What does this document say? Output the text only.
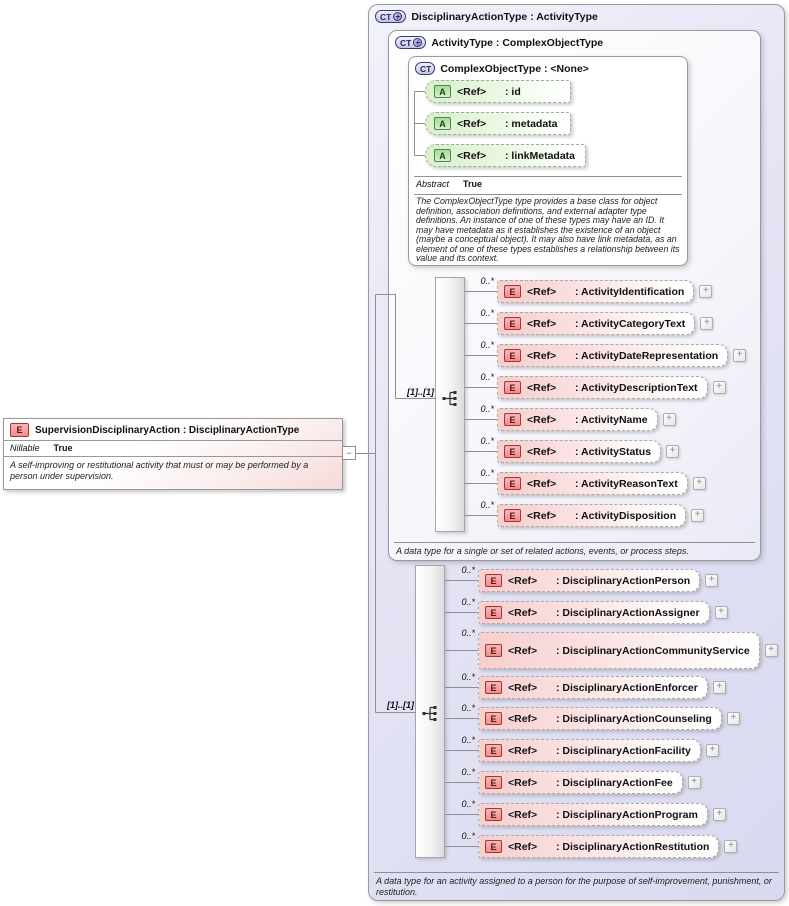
CT + DisciplinaryActionType : ActivityType
A data type for an activity assigned to a person for the purpose of self-improvement, punishment, or restitution.
CT + ActivityType : ComplexObjectType
A data type for a single or set of related actions, events, or process steps.
CT ComplexObjectType : <None>
Abstract True
The ComplexObjectType type provides a base class for object definition, association definitions, and external adapter type definitions. An instance of one of these types may have an ID. It may have metadata as it establishes the existence of an object (maybe a conceptual object). It may also have link metadata, as an element of one of these types establishes a relationship between its value and its context.
[1]..[1]
[1]..[1]
−
E	SupervisionDisciplinaryAction : DisciplinaryActionType
Nillable True
A self-improving or restitutional activity that must or may be performed by a person under supervision.
0..*
E	<Ref>	: ActivityIdentification	+
0..*
E	<Ref>	: ActivityCategoryText	+
0..*
E	<Ref>	: ActivityDateRepresentation	+
0..*
E	<Ref>	: ActivityDescriptionText	+
0..*
E	<Ref>	: ActivityName	+
0..*
E	<Ref>	: ActivityStatus	+
0..*
E	<Ref>	: ActivityReasonText	+
0..*
E	<Ref>	: ActivityDisposition	+
0..*
E	<Ref>	: DisciplinaryActionPerson	+
0..*
E	<Ref>	: DisciplinaryActionAssigner	+
0..*
E	<Ref>	: DisciplinaryActionCommunityService	+
0..*
E	<Ref>	: DisciplinaryActionEnforcer	+
0..*
E	<Ref>	: DisciplinaryActionCounseling	+
0..*
E	<Ref>	: DisciplinaryActionFacility	+
0..*
E	<Ref>	: DisciplinaryActionFee	+
0..*
E	<Ref>	: DisciplinaryActionProgram	+
0..*
E	<Ref>	: DisciplinaryActionRestitution	+
A	<Ref>	: id
A	<Ref>	: metadata
A	<Ref>	: linkMetadata
